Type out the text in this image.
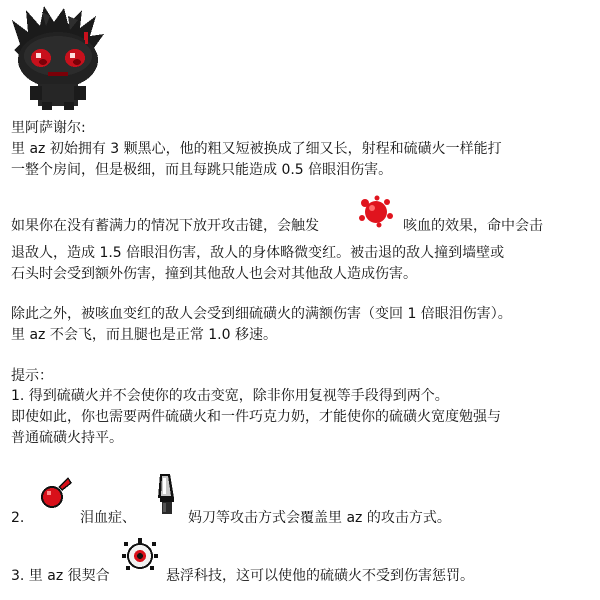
里阿萨谢尔:
里 az 初始拥有 3 颗黑心，他的粗又短被换成了细又长，射程和硫磺火一样能打
一整个房间，但是极细，而且每跳只能造成 0.5 倍眼泪伤害。
如果你在没有蓄满力的情况下放开攻击键，会触发	咳血的效果，命中会击
退敌人，造成 1.5 倍眼泪伤害，敌人的身体略微变红。被击退的敌人撞到墙壁或
石头时会受到额外伤害，撞到其他敌人也会对其他敌人造成伤害。
除此之外，被咳血变红的敌人会受到细硫磺火的满额伤害（变回 1 倍眼泪伤害）。
里 az 不会飞，而且腿也是正常 1.0 移速。
提示：
1. 得到硫磺火并不会使你的攻击变宽，除非你用复视等手段得到两个。
即使如此，你也需要两件硫磺火和一件巧克力奶，才能使你的硫磺火宽度勉强与
普通硫磺火持平。
2.	泪血症、	妈刀等攻击方式会覆盖里 az 的攻击方式。
3. 里 az 很契合	悬浮科技，这可以使他的硫磺火不受到伤害惩罚。
